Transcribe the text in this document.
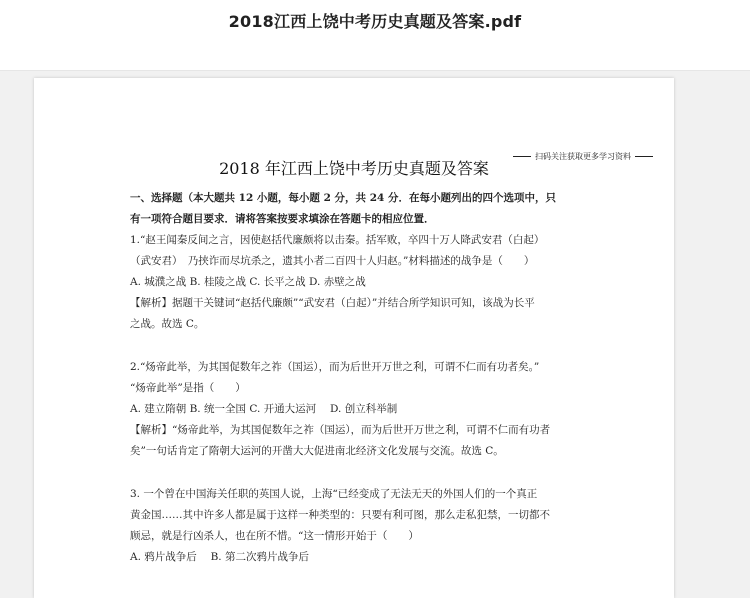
2018江西上饶中考历史真题及答案.pdf
扫码关注获取更多学习资料
2018 年江西上饶中考历史真题及答案
一、选择题（本大题共 12 小题，每小题 2 分，共 24 分．在每小题列出的四个选项中，只
有一项符合题目要求．请将答案按要求填涂在答题卡的相应位置．
1.“赵王闻秦反间之言，因使赵括代廉颇将以击秦。括军败，卒四十万人降武安君（白起）
（武安君）　乃挟诈而尽坑杀之，遗其小者二百四十人归赵。”材料描述的战争是（　　）
A. 城濮之战 B. 桂陵之战 C. 长平之战 D. 赤壁之战
【解析】据题干关键词“赵括代廉颇”“武安君（白起）”并结合所学知识可知，该战为长平
之战。故选 C。
2.“炀帝此举，为其国促数年之祚（国运），而为后世开万世之利，可谓不仁而有功者矣。”
“炀帝此举”是指（　　）
A. 建立隋朝 B. 统一全国 C. 开通大运河　 D. 创立科举制
【解析】“炀帝此举，为其国促数年之祚（国运），而为后世开万世之利，可谓不仁而有功者
矣”一句话肯定了隋朝大运河的开凿大大促进南北经济文化发展与交流。故选 C。
3. 一个曾在中国海关任职的英国人说，上海“已经变成了无法无天的外国人们的一个真正
黄金国……其中许多人都是属于这样一种类型的：只要有利可图，那么走私犯禁，一切都不
顾忌，就是行凶杀人，也在所不惜。“这一情形开始于（　　）
A. 鸦片战争后　 B. 第二次鸦片战争后
